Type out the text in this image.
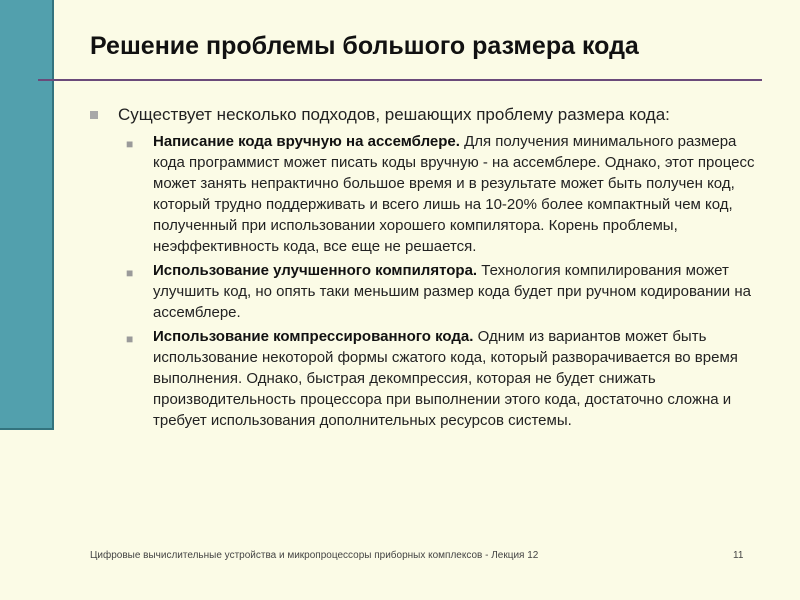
Решение проблемы большого размера кода
Существует несколько подходов, решающих проблему размера кода:
■ Написание кода вручную на ассемблере. Для получения минимального размера кода программист может писать коды вручную - на ассемблере. Однако, этот процесс может занять непрактично большое время и в результате может быть получен код, который трудно поддерживать и всего лишь на 10-20% более компактный чем код, полученный при использовании хорошего компилятора. Корень проблемы, неэффективность кода, все еще не решается.
■ Использование улучшенного компилятора. Технология компилирования может улучшить код, но опять таки меньшим размер кода будет при ручном кодировании на ассемблере.
■ Использование компрессированного кода. Одним из вариантов может быть использование некоторой формы сжатого кода, который разворачивается во время выполнения. Однако, быстрая декомпрессия, которая не будет снижать производительность процессора при выполнении этого кода, достаточно сложна и требует использования дополнительных ресурсов системы.
Цифровые вычислительные устройства и микропроцессоры приборных комплексов - Лекция 12	11
